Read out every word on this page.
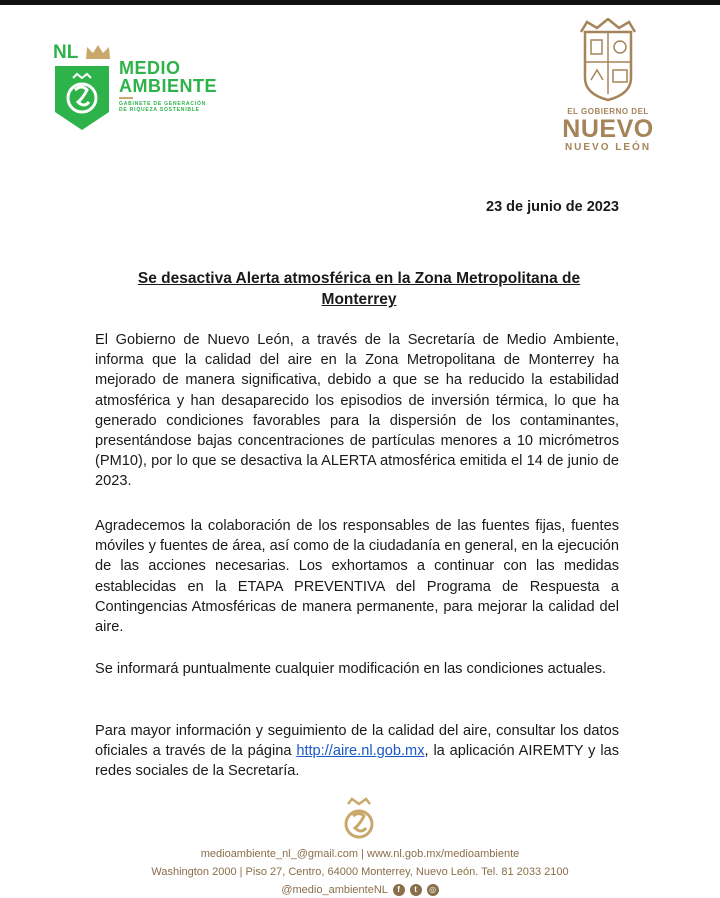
NL
MEDIO
AMBIENTE
GABINETE DE GENERACIÓN
DE RIQUEZA SOSTENIBLE	EL GOBIERNO DEL
NUEVO
NUEVO LEÓN
23 de junio de 2023
Se desactiva Alerta atmosférica en la Zona Metropolitana de Monterrey
El Gobierno de Nuevo León, a través de la Secretaría de Medio Ambiente, informa que la calidad del aire en la Zona Metropolitana de Monterrey ha mejorado de manera significativa, debido a que se ha reducido la estabilidad atmosférica y han desaparecido los episodios de inversión térmica, lo que ha generado condiciones favorables para la dispersión de los contaminantes, presentándose bajas concentraciones de partículas menores a 10 micrómetros (PM10), por lo que se desactiva la ALERTA atmosférica emitida el 14 de junio de 2023.
Agradecemos la colaboración de los responsables de las fuentes fijas, fuentes móviles y fuentes de área, así como de la ciudadanía en general, en la ejecución de las acciones necesarias. Los exhortamos a continuar con las medidas establecidas en la ETAPA PREVENTIVA del Programa de Respuesta a Contingencias Atmosféricas de manera permanente, para mejorar la calidad del aire.
Se informará puntualmente cualquier modificación en las condiciones actuales.
Para mayor información y seguimiento de la calidad del aire, consultar los datos oficiales a través de la página http://aire.nl.gob.mx, la aplicación AIREMTY y las redes sociales de la Secretaría.
medioambiente_nl_@gmail.com | www.nl.gob.mx/medioambiente
Washington 2000 | Piso 27, Centro, 64000 Monterrey, Nuevo León. Tel. 81 2033 2100
@medio_ambienteNL	f
	t
	◎
